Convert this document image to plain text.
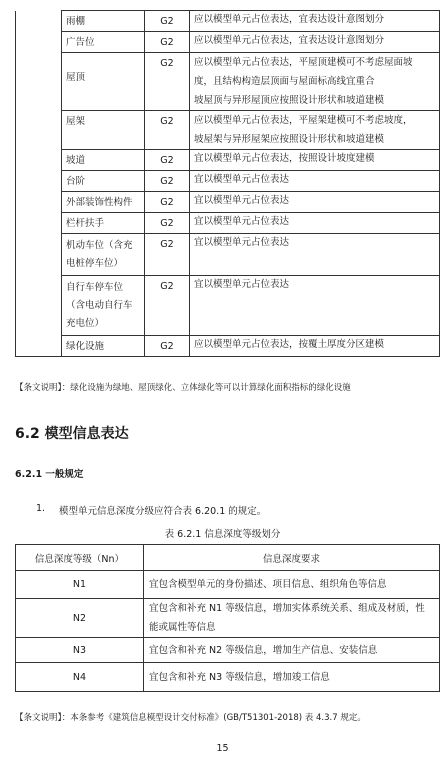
	雨棚	G2	应以模型单元占位表达，宜表达设计意图划分

	广告位	G2	应以模型单元占位表达，宜表达设计意图划分

	屋顶	G2	应以模型单元占位表达，平屋顶建模可不考虑屋面坡
度，且结构构造层顶面与屋面标高线宜重合
坡屋顶与异形屋顶应按照设计形状和坡道建模

	屋架	G2	应以模型单元占位表达，平屋架建模可不考虑坡度，
坡屋架与异形屋架应按照设计形状和坡道建模

	坡道	G2	宜以模型单元占位表达，按照设计坡度建模

	台阶	G2	宜以模型单元占位表达

	外部装饰性构件	G2	宜以模型单元占位表达

	栏杆扶手	G2	宜以模型单元占位表达

	机动车位（含充
电桩停车位）	G2	宜以模型单元占位表达

	自行车停车位
（含电动自行车
充电位）	G2	宜以模型单元占位表达

	绿化设施	G2	应以模型单元占位表达，按覆土厚度分区建模
【条文说明】：绿化设施为绿地、屋顶绿化、立体绿化等可以计算绿化面积指标的绿化设施
6.2 模型信息表达
6.2.1 一般规定
1. 模型单元信息深度分级应符合表 6.20.1 的规定。
表 6.2.1 信息深度等级划分
信息深度等级（Nn）	信息深度要求
N1	宜包含模型单元的身份描述、项目信息、组织角色等信息

N2	宜包含和补充 N1 等级信息，增加实体系统关系、组成及材质，性
能或属性等信息

N3	宜包含和补充 N2 等级信息，增加生产信息、安装信息

N4	宜包含和补充 N3 等级信息，增加竣工信息
【条文说明】：本条参考《建筑信息模型设计交付标准》(GB/T51301-2018) 表 4.3.7 规定。
15
